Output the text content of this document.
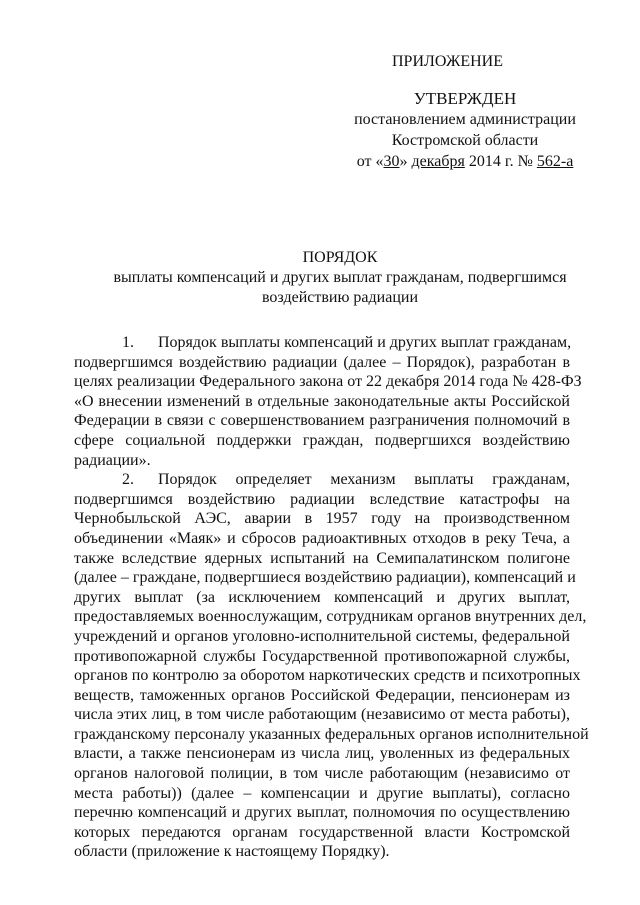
ПРИЛОЖЕНИЕ
УТВЕРЖДЕН
постановлением администрации
Костромской области
от «30» декабря 2014 г. № 562-а
ПОРЯДОК
выплаты компенсаций и других выплат гражданам, подвергшимся
воздействию радиации
1. Порядок выплаты компенсаций и других выплат гражданам,
подвергшимся воздействию радиации (далее – Порядок), разработан в
целях реализации Федерального закона от 22 декабря 2014 года № 428-ФЗ
«О внесении изменений в отдельные законодательные акты Российской
Федерации в связи с совершенствованием разграничения полномочий в
сфере социальной поддержки граждан, подвергшихся воздействию
радиации».
2. Порядок определяет механизм выплаты гражданам,
подвергшимся воздействию радиации вследствие катастрофы на
Чернобыльской АЭС, аварии в 1957 году на производственном
объединении «Маяк» и сбросов радиоактивных отходов в реку Теча, а
также вследствие ядерных испытаний на Семипалатинском полигоне
(далее – граждане, подвергшиеся воздействию радиации), компенсаций и
других выплат (за исключением компенсаций и других выплат,
предоставляемых военнослужащим, сотрудникам органов внутренних дел,
учреждений и органов уголовно-исполнительной системы, федеральной
противопожарной службы Государственной противопожарной службы,
органов по контролю за оборотом наркотических средств и психотропных
веществ, таможенных органов Российской Федерации, пенсионерам из
числа этих лиц, в том числе работающим (независимо от места работы),
гражданскому персоналу указанных федеральных органов исполнительной
власти, а также пенсионерам из числа лиц, уволенных из федеральных
органов налоговой полиции, в том числе работающим (независимо от
места работы)) (далее – компенсации и другие выплаты), согласно
перечню компенсаций и других выплат, полномочия по осуществлению
которых передаются органам государственной власти Костромской
области (приложение к настоящему Порядку).
